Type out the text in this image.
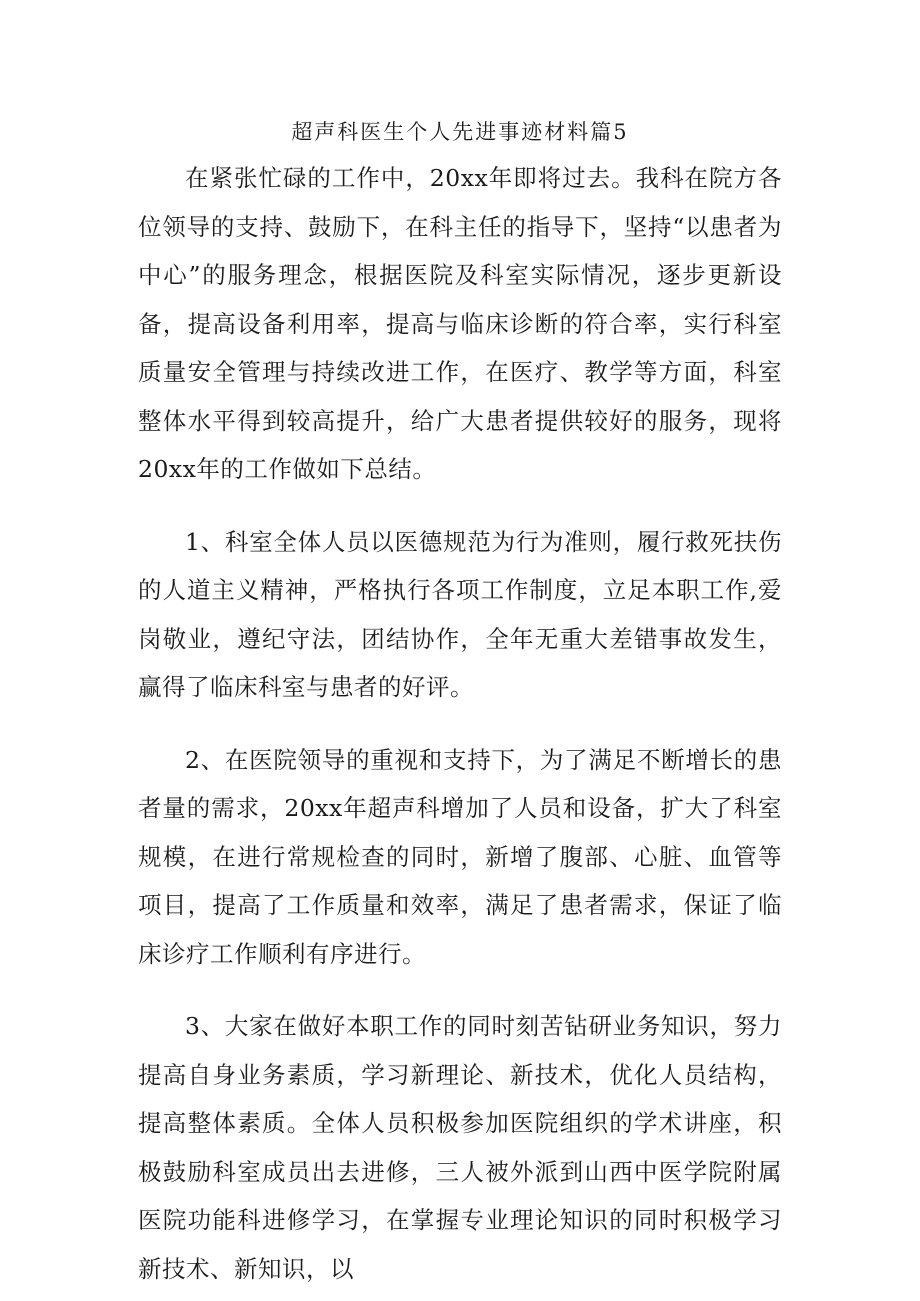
超声科医生个人先进事迹材料篇5

在紧张忙碌的工作中，20xx年即将过去。我科在院方各位领导的支持、鼓励下，在科主任的指导下，坚持“以患者为中心”的服务理念，根据医院及科室实际情况，逐步更新设备，提高设备利用率，提高与临床诊断的符合率，实行科室质量安全管理与持续改进工作，在医疗、教学等方面，科室整体水平得到较高提升，给广大患者提供较好的服务，现将20xx年的工作做如下总结。

1、科室全体人员以医德规范为行为准则，履行救死扶伤的人道主义精神，严格执行各项工作制度，立足本职工作,爱岗敬业，遵纪守法，团结协作，全年无重大差错事故发生，赢得了临床科室与患者的好评。

2、在医院领导的重视和支持下，为了满足不断增长的患者量的需求，20xx年超声科增加了人员和设备，扩大了科室规模，在进行常规检查的同时，新增了腹部、心脏、血管等项目，提高了工作质量和效率，满足了患者需求，保证了临床诊疗工作顺利有序进行。

3、大家在做好本职工作的同时刻苦钻研业务知识，努力提高自身业务素质，学习新理论、新技术，优化人员结构，提高整体素质。全体人员积极参加医院组织的学术讲座，积极鼓励科室成员出去进修，三人被外派到山西中医学院附属医院功能科进修学习，在掌握专业理论知识的同时积极学习新技术、新知识，以
